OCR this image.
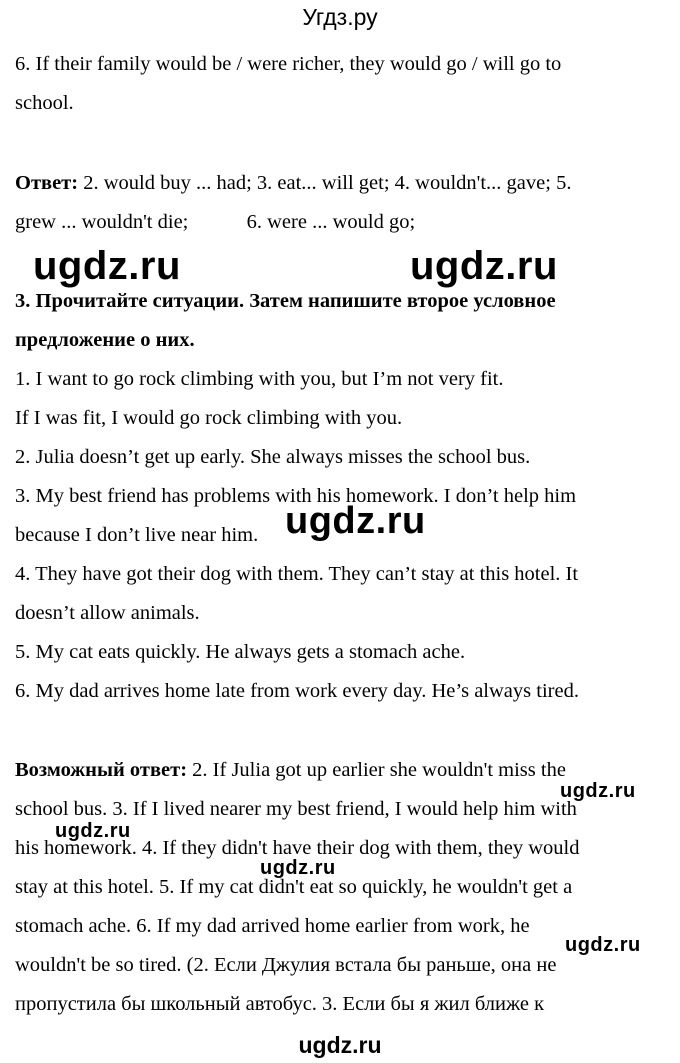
Угдз.ру
6. If their family would be / were richer, they would go / will go to
school.
Ответ: 2. would buy ... had; 3. eat... will get; 4. wouldn't... gave; 5.
grew ... wouldn't die;	6. were ... would go;
ugdz.ru	ugdz.ru
3. Прочитайте ситуации. Затем напишите второе условное
предложение о них.
1. I want to go rock climbing with you, but I’m not very fit.
If I was fit, I would go rock climbing with you.
2. Julia doesn’t get up early. She always misses the school bus.
3. My best friend has problems with his homework. I don’t help him
because I don’t live near him. ugdz.ru
4. They have got their dog with them. They can’t stay at this hotel. It
doesn’t allow animals.
5. My cat eats quickly. He always gets a stomach ache.
6. My dad arrives home late from work every day. He’s always tired.
Возможный ответ: 2. If Julia got up earlier she wouldn't miss the
ugdz.ru
school bus. 3. If I lived nearer my best friend, I would help him with
ugdz.ru
his homework. 4. If they didn't have their dog with them, they would
ugdz.ru
stay at this hotel. 5. If my cat didn't eat so quickly, he wouldn't get a
stomach ache. 6. If my dad arrived home earlier from work, he
ugdz.ru
wouldn't be so tired. (2. Если Джулия встала бы раньше, она не
пропустила бы школьный автобус. 3. Если бы я жил ближе к
ugdz.ru
